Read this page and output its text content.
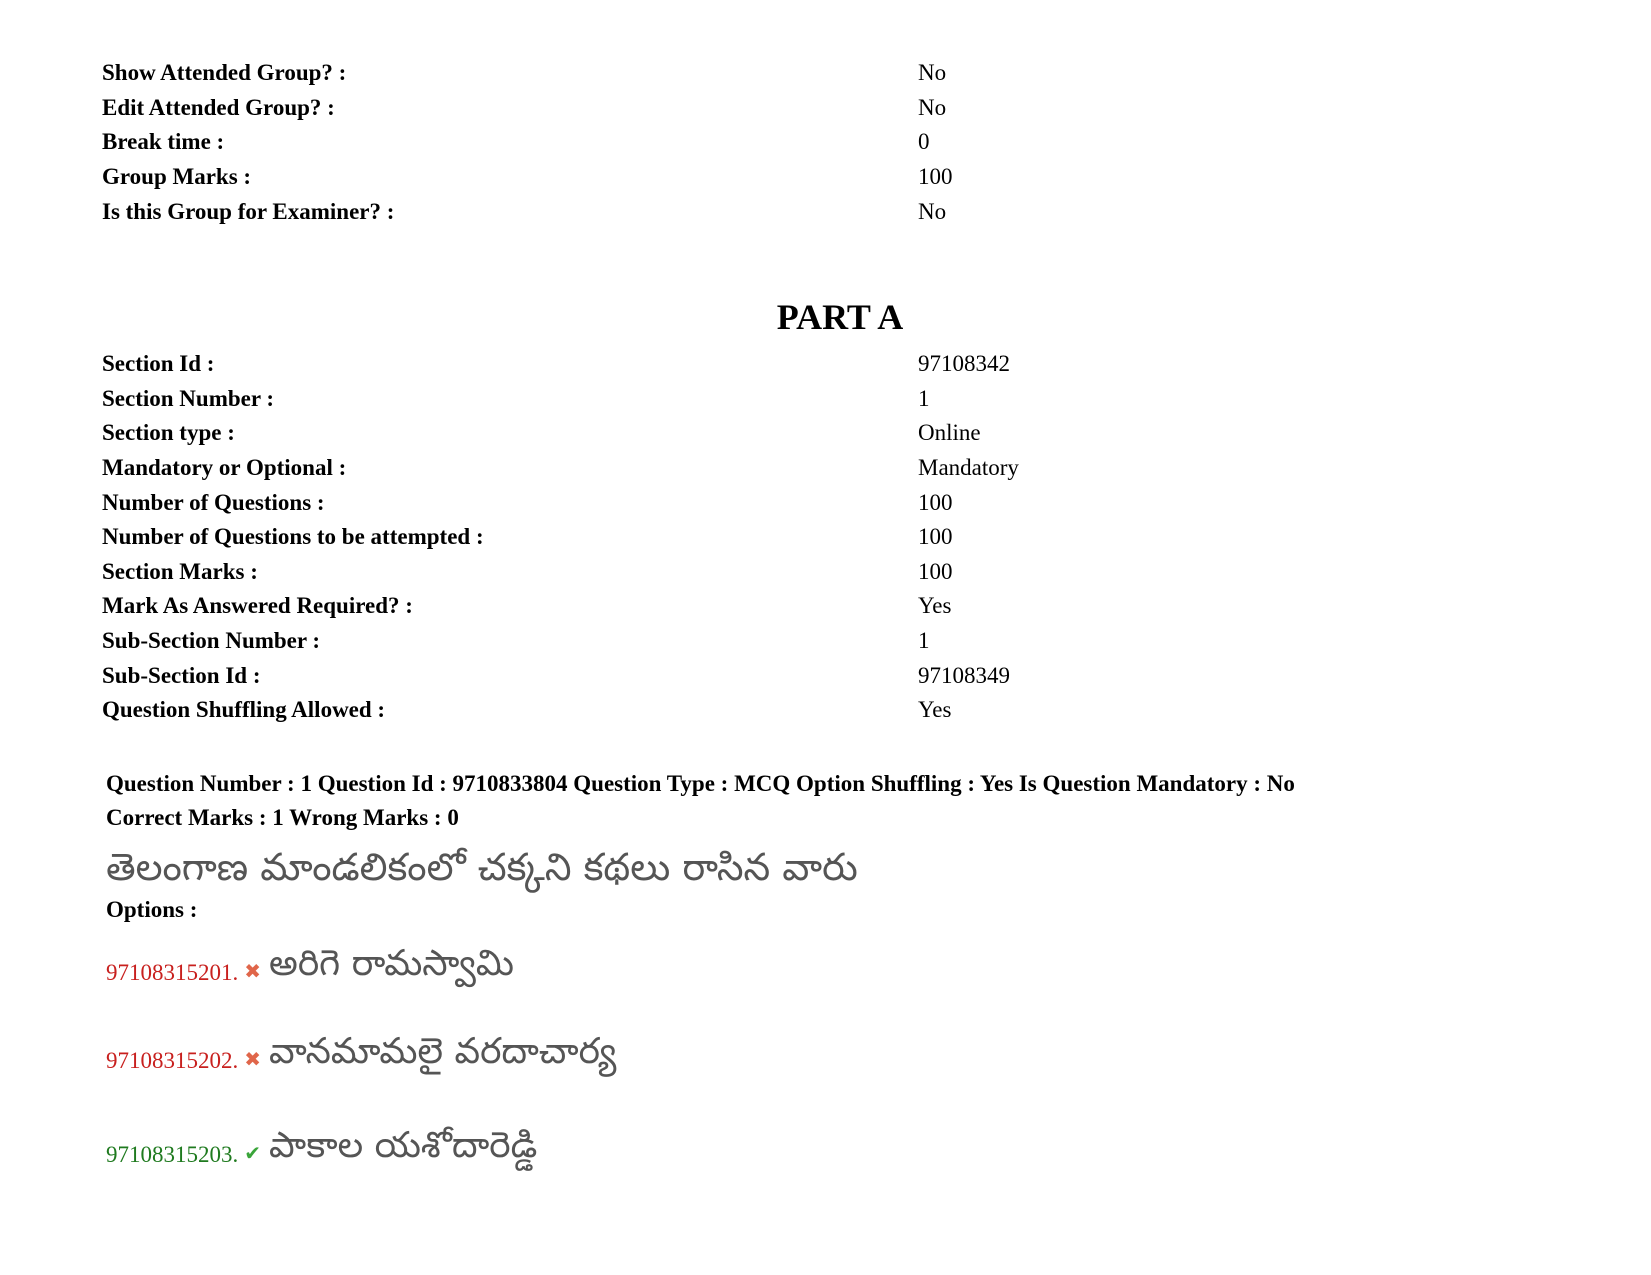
Show Attended Group? :	No
Edit Attended Group? :	No
Break time :	0
Group Marks :	100
Is this Group for Examiner? :	No
PART A
Section Id :	97108342
Section Number :	1
Section type :	Online
Mandatory or Optional :	Mandatory
Number of Questions :	100
Number of Questions to be attempted :	100
Section Marks :	100
Mark As Answered Required? :	Yes
Sub-Section Number :	1
Sub-Section Id :	97108349
Question Shuffling Allowed :	Yes
Question Number : 1 Question Id : 9710833804 Question Type : MCQ Option Shuffling : Yes Is Question Mandatory : No
Correct Marks : 1 Wrong Marks : 0
తెలంగాణ మాండలికంలో చక్కని కథలు రాసిన వారు
Options :
97108315201. ✖ అరిగె రామస్వామి
97108315202. ✖ వానమామలై వరదాచార్య
97108315203. ✔ పాకాల యశోదారెడ్డి
